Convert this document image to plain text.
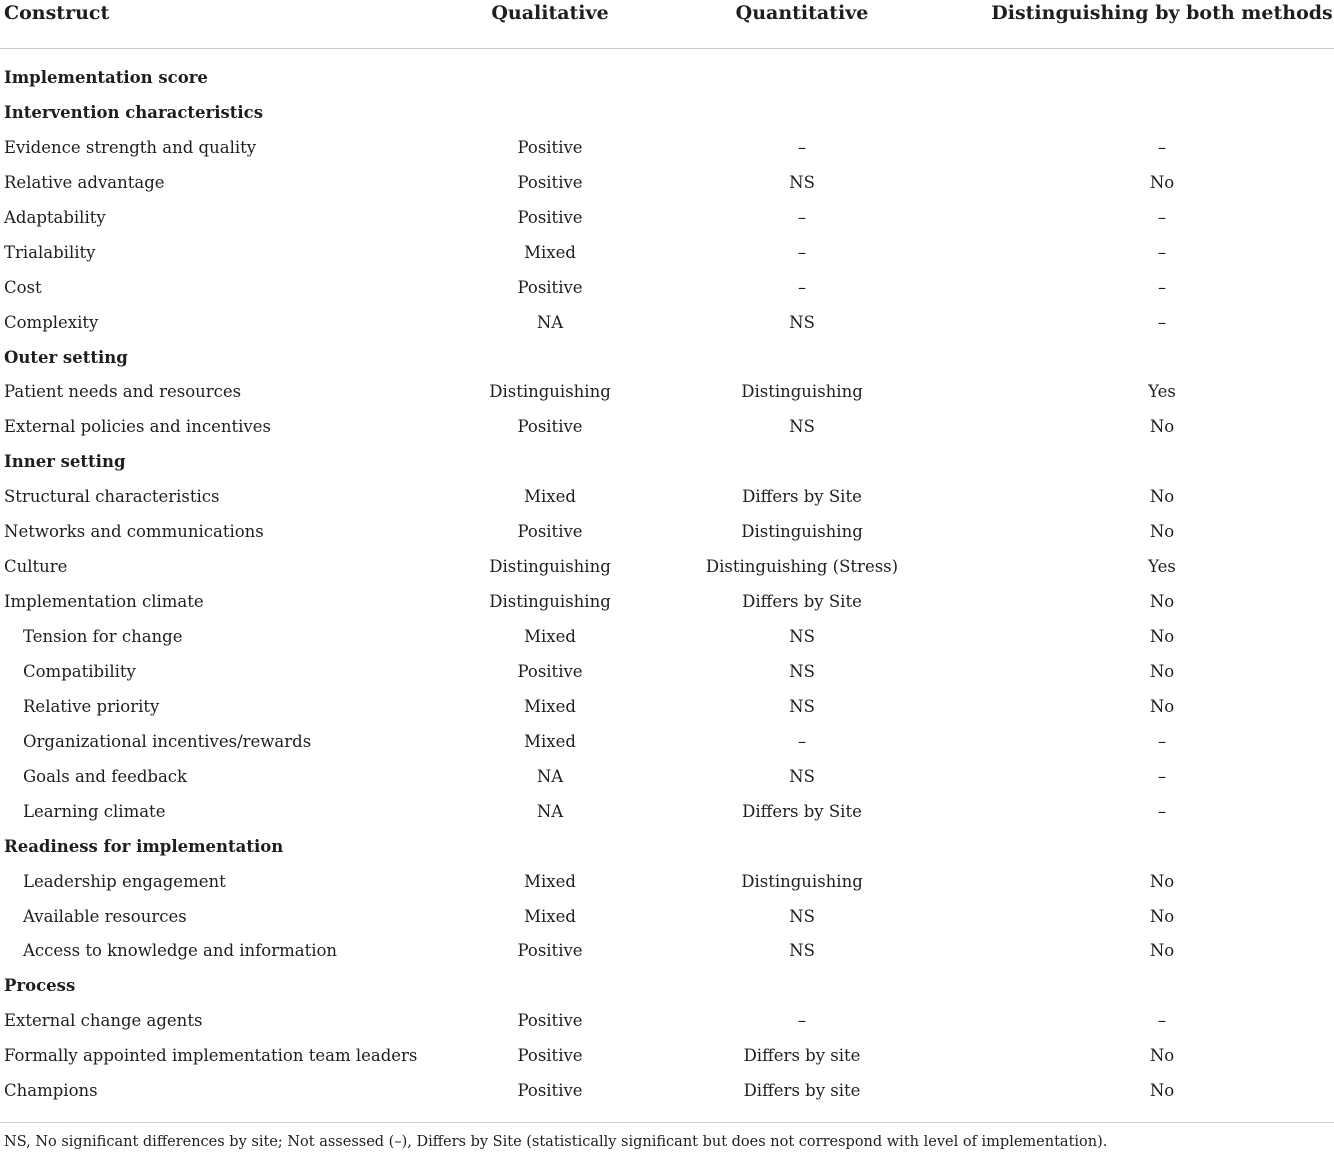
Construct	Qualitative	Quantitative	Distinguishing by both methods
Implementation score
Intervention characteristics
Evidence strength and quality	Positive	–	–
Relative advantage	Positive	NS	No
Adaptability	Positive	–	–
Trialability	Mixed	–	–
Cost	Positive	–	–
Complexity	NA	NS	–
Outer setting
Patient needs and resources	Distinguishing	Distinguishing	Yes
External policies and incentives	Positive	NS	No
Inner setting
Structural characteristics	Mixed	Differs by Site	No
Networks and communications	Positive	Distinguishing	No
Culture	Distinguishing	Distinguishing (Stress)	Yes
Implementation climate	Distinguishing	Differs by Site	No
Tension for change	Mixed	NS	No
Compatibility	Positive	NS	No
Relative priority	Mixed	NS	No
Organizational incentives/rewards	Mixed	–	–
Goals and feedback	NA	NS	–
Learning climate	NA	Differs by Site	–
Readiness for implementation
Leadership engagement	Mixed	Distinguishing	No
Available resources	Mixed	NS	No
Access to knowledge and information	Positive	NS	No
Process
External change agents	Positive	–	–
Formally appointed implementation team leaders	Positive	Differs by site	No
Champions	Positive	Differs by site	No
NS, No significant differences by site; Not assessed (–), Differs by Site (statistically significant but does not correspond with level of implementation).
